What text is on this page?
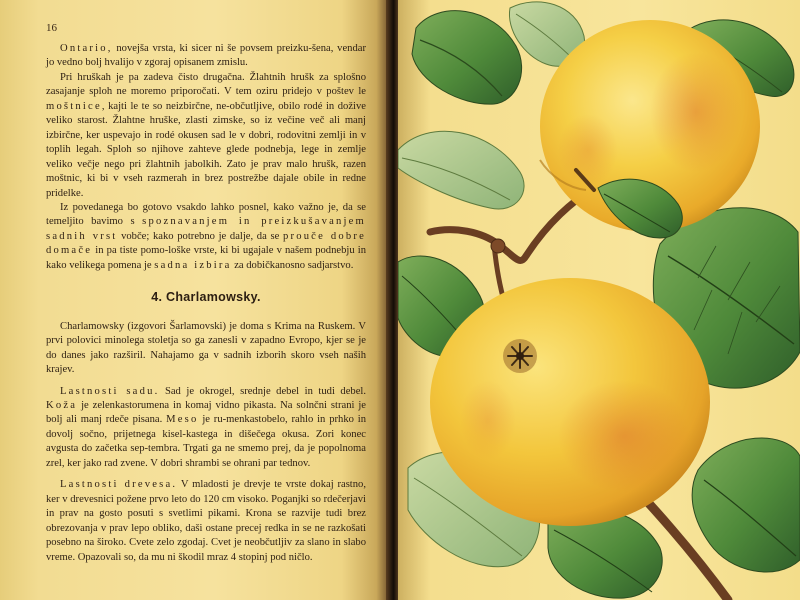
16

Ontario, novejša vrsta, ki sicer ni še povsem preizku-šena, vendar jo vedno bolj hvalijo v zgoraj opisanem zmislu.

Pri hruškah je pa zadeva čisto drugačna. Žlahtnih hrušk za splošno zasajanje sploh ne moremo priporočati. V tem oziru pridejo v poštev le moštnice, kajti le te so neizbirčne, ne-občutljive, obilo rodé in dožive veliko starost. Žlahtne hruške, zlasti zimske, so iz večine več ali manj izbirčne, ker uspevajo in rodé okusen sad le v dobri, rodovitni zemlji in v toplih legah. Sploh so njihove zahteve glede podnebja, lege in zemlje veliko večje nego pri žlahtnih jabolkih. Zato je prav malo hrušk, razen moštnic, ki bi v vseh razmerah in brez postrežbe dajale obile in redne pridelke.

Iz povedanega bo gotovo vsakdo lahko posnel, kako važno je, da se temeljito bavimo s spoznavanjem in preizkušavanjem sadnih vrst vobče; kako potrebno je dalje, da se prouče dobre domače in pa tiste pomo-loške vrste, ki bi ugajale v našem podnebju in kako velikega pomena je sadna izbira za dobičkanosno sadjarstvo.

4. Charlamowsky.

Charlamowsky (izgovori Šarlamovski) je doma s Krima na Ruskem. V prvi polovici minolega stoletja so ga zanesli v zapadno Evropo, kjer se je do danes jako razširil. Nahajamo ga v sadnih izborih skoro vseh naših krajev.

Lastnosti sadu. Sad je okrogel, srednje debel in tudi debel. Koža je zelenkastorumena in komaj vidno pikasta. Na solnčni strani je bolj ali manj rdeče pisana. Meso je ru-menkastobelo, rahlo in prhko in dovolj sočno, prijetnega kisel-kastega in dišečega okusa. Zori konec avgusta do začetka sep-tembra. Trgati ga ne smemo prej, da je popolnoma zrel, ker jako rad zvene. V dobri shrambi se ohrani par tednov.

Lastnosti drevesa. V mladosti je drevje te vrste dokaj rastno, ker v drevesnici požene prvo leto do 120 cm visoko. Poganjki so rdečerjavi in prav na gosto posuti s svetlimi pikami. Krona se razvije tudi brez obrezovanja v prav lepo obliko, daši ostane precej redka in se ne razkošati posebno na široko. Cvete zelo zgodaj. Cvet je neobčutljiv za slano in slabo vreme. Opazovali so, da mu ni škodil mraz 4 stopinj pod ničlo.
